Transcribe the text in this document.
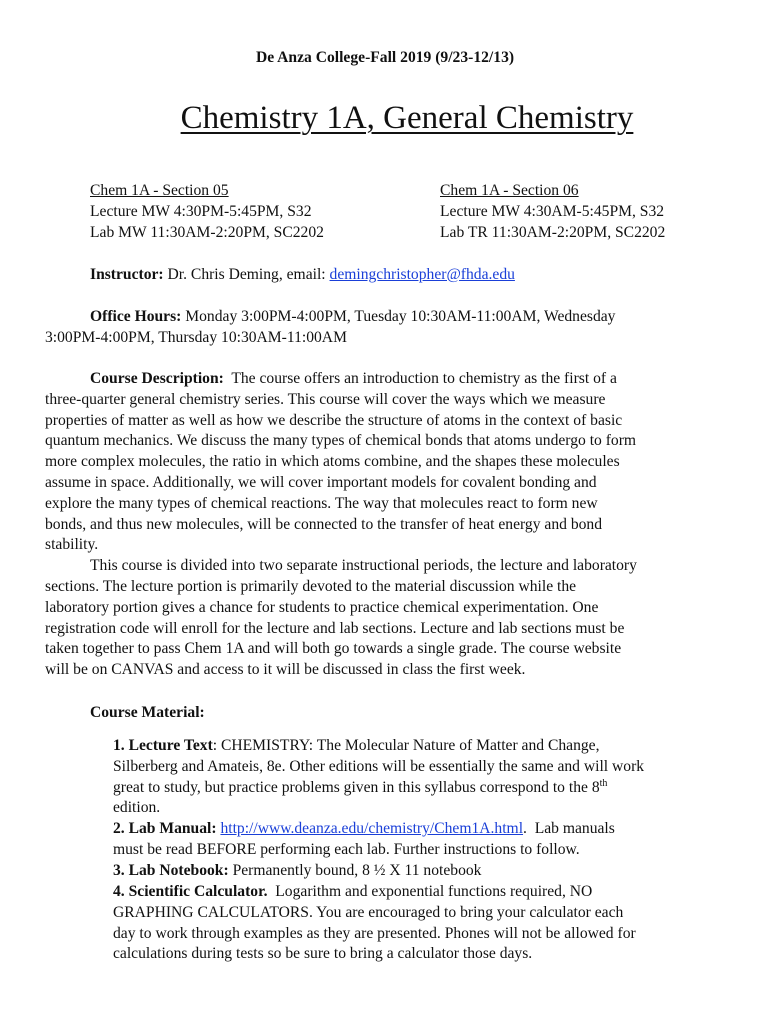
De Anza College-Fall 2019 (9/23-12/13)
Chemistry 1A, General Chemistry
Chem 1A - Section 05
Lecture MW 4:30PM-5:45PM, S32
Lab MW 11:30AM-2:20PM, SC2202
Chem 1A - Section 06
Lecture MW 4:30AM-5:45PM, S32
Lab TR 11:30AM-2:20PM, SC2202
Instructor: Dr. Chris Deming, email: demingchristopher@fhda.edu
Office Hours: Monday 3:00PM-4:00PM, Tuesday 10:30AM-11:00AM, Wednesday
3:00PM-4:00PM, Thursday 10:30AM-11:00AM
Course Description:  The course offers an introduction to chemistry as the first of a
three-quarter general chemistry series. This course will cover the ways which we measure
properties of matter as well as how we describe the structure of atoms in the context of basic
quantum mechanics. We discuss the many types of chemical bonds that atoms undergo to form
more complex molecules, the ratio in which atoms combine, and the shapes these molecules
assume in space. Additionally, we will cover important models for covalent bonding and
explore the many types of chemical reactions. The way that molecules react to form new
bonds, and thus new molecules, will be connected to the transfer of heat energy and bond
stability.
This course is divided into two separate instructional periods, the lecture and laboratory
sections. The lecture portion is primarily devoted to the material discussion while the
laboratory portion gives a chance for students to practice chemical experimentation. One
registration code will enroll for the lecture and lab sections. Lecture and lab sections must be
taken together to pass Chem 1A and will both go towards a single grade. The course website
will be on CANVAS and access to it will be discussed in class the first week.
Course Material:
1. Lecture Text: CHEMISTRY: The Molecular Nature of Matter and Change,
Silberberg and Amateis, 8e. Other editions will be essentially the same and will work
great to study, but practice problems given in this syllabus correspond to the 8th
edition.
2. Lab Manual: http://www.deanza.edu/chemistry/Chem1A.html.  Lab manuals
must be read BEFORE performing each lab. Further instructions to follow.
3. Lab Notebook: Permanently bound, 8 ½ X 11 notebook
4. Scientific Calculator.  Logarithm and exponential functions required, NO
GRAPHING CALCULATORS. You are encouraged to bring your calculator each
day to work through examples as they are presented. Phones will not be allowed for
calculations during tests so be sure to bring a calculator those days.
